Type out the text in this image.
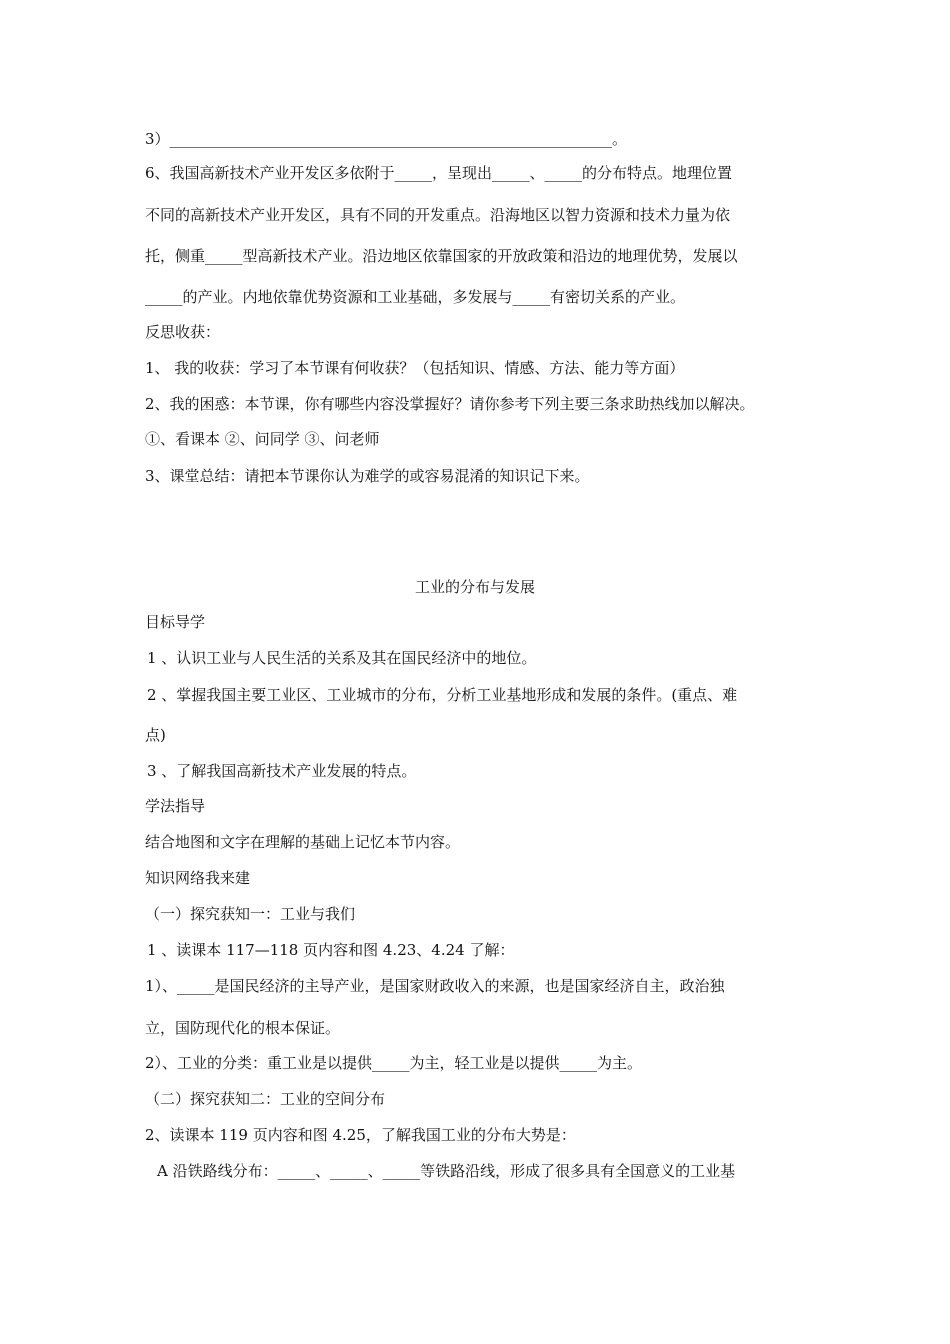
3）___________________________________________________________。
6、我国高新技术产业开发区多依附于_____，呈现出_____、_____的分布特点。地理位置
不同的高新技术产业开发区，具有不同的开发重点。沿海地区以智力资源和技术力量为依
托，侧重_____型高新技术产业。沿边地区依靠国家的开放政策和沿边的地理优势，发展以
_____的产业。内地依靠优势资源和工业基础，多发展与_____有密切关系的产业。
反思收获：
1、 我的收获：学习了本节课有何收获？（包括知识、情感、方法、能力等方面）
2、我的困惑：本节课，你有哪些内容没掌握好？请你参考下列主要三条求助热线加以解决。
①、看课本 ②、问同学 ③、问老师
3、课堂总结：请把本节课你认为难学的或容易混淆的知识记下来。
工业的分布与发展
目标导学
1 、认识工业与人民生活的关系及其在国民经济中的地位。
2 、掌握我国主要工业区、工业城市的分布，分析工业基地形成和发展的条件。(重点、难
点)
3 、了解我国高新技术产业发展的特点。
学法指导
结合地图和文字在理解的基础上记忆本节内容。
知识网络我来建
（一）探究获知一：工业与我们
1 、读课本 117—118 页内容和图 4.23、4.24 了解：
1）、_____是国民经济的主导产业，是国家财政收入的来源，也是国家经济自主，政治独
立，国防现代化的根本保证。
2）、工业的分类：重工业是以提供_____为主，轻工业是以提供_____为主。
（二）探究获知二：工业的空间分布
2、读课本 119 页内容和图 4.25，了解我国工业的分布大势是：
A 沿铁路线分布：_____、_____、_____等铁路沿线，形成了很多具有全国意义的工业基
